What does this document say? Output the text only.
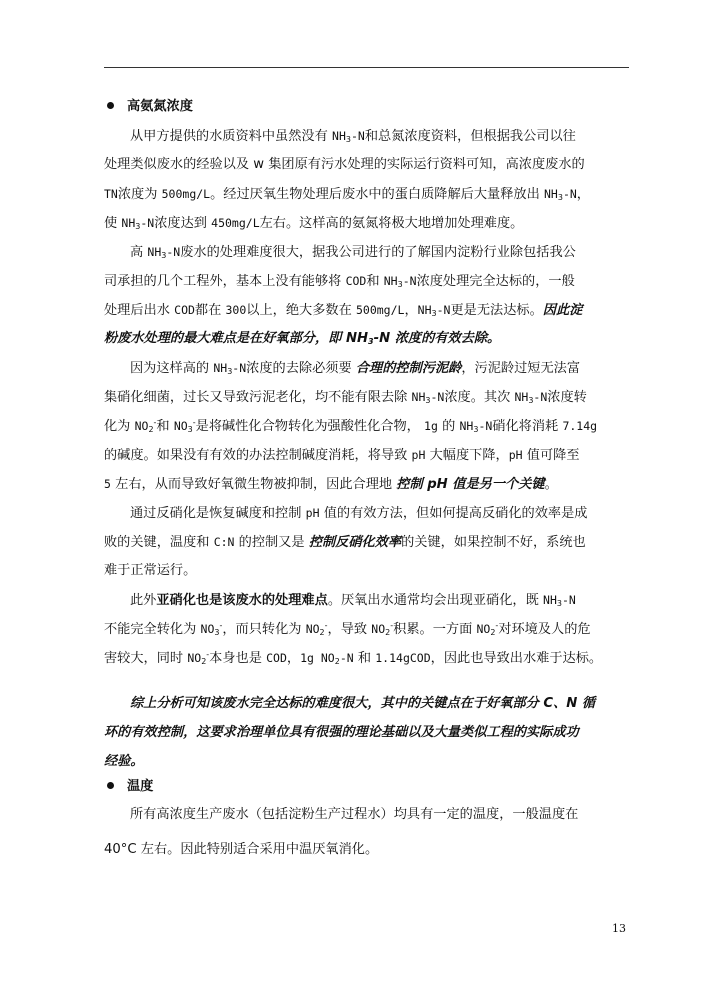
高氨氮浓度
从甲方提供的水质资料中虽然没有 $NH_3-N$和总氮浓度资料，但根据我公司以往
处理类似废水的经验以及 w 集团原有污水处理的实际运行资料可知，高浓度废水的
TN浓度为 500mg/L。经过厌氧生物处理后废水中的蛋白质降解后大量释放出 $NH_3-N$，
使 $NH_3-N$浓度达到 450mg/L左右。这样高的氨氮将极大地增加处理难度。
高 $NH_3-N$废水的处理难度很大，据我公司进行的了解国内淀粉行业除包括我公
司承担的几个工程外，基本上没有能够将 COD和 $NH_3-N$浓度处理完全达标的，一般
处理后出水 COD都在 300以上，绝大多数在 500mg/L，$NH_3-N$更是无法达标。因此淀
粉废水处理的最大难点是在好氧部分，即 $NH_3-N$ 浓度的有效去除。
因为这样高的 $NH_3-N$浓度的去除必须要 合理的控制污泥龄，污泥龄过短无法富
集硝化细菌，过长又导致污泥老化，均不能有限去除 $NH_3-N$浓度。其次 $NH_3-N$浓度转
化为 $NO_2^-$和 $NO_3^-$是将碱性化合物转化为强酸性化合物， 1g 的 $NH_3-N$硝化将消耗 7.14g
的碱度。如果没有有效的办法控制碱度消耗，将导致 pH 大幅度下降，pH 值可降至
5 左右，从而导致好氧微生物被抑制，因此合理地 控制 pH 值是另一个关键。
通过反硝化是恢复碱度和控制 pH 值的有效方法，但如何提高反硝化的效率是成
败的关键，温度和 C:N 的控制又是 控制反硝化效率的关键，如果控制不好，系统也
难于正常运行。
此外亚硝化也是该废水的处理难点。厌氧出水通常均会出现亚硝化，既 $NH_3-N$
不能完全转化为 $NO_3^-$，而只转化为 $NO_2^-$，导致 $NO_2^-$积累。一方面 $NO_2^-$对环境及人的危
害较大，同时 $NO_2^-$本身也是 COD，1g $NO_2-N$ 和 1.14gCOD，因此也导致出水难于达标。
综上分析可知该废水完全达标的难度很大，其中的关键点在于好氧部分 C、N 循
环的有效控制，这要求治理单位具有很强的理论基础以及大量类似工程的实际成功
经验。
温度
所有高浓度生产废水（包括淀粉生产过程水）均具有一定的温度，一般温度在
40°C 左右。因此特别适合采用中温厌氧消化。
13
